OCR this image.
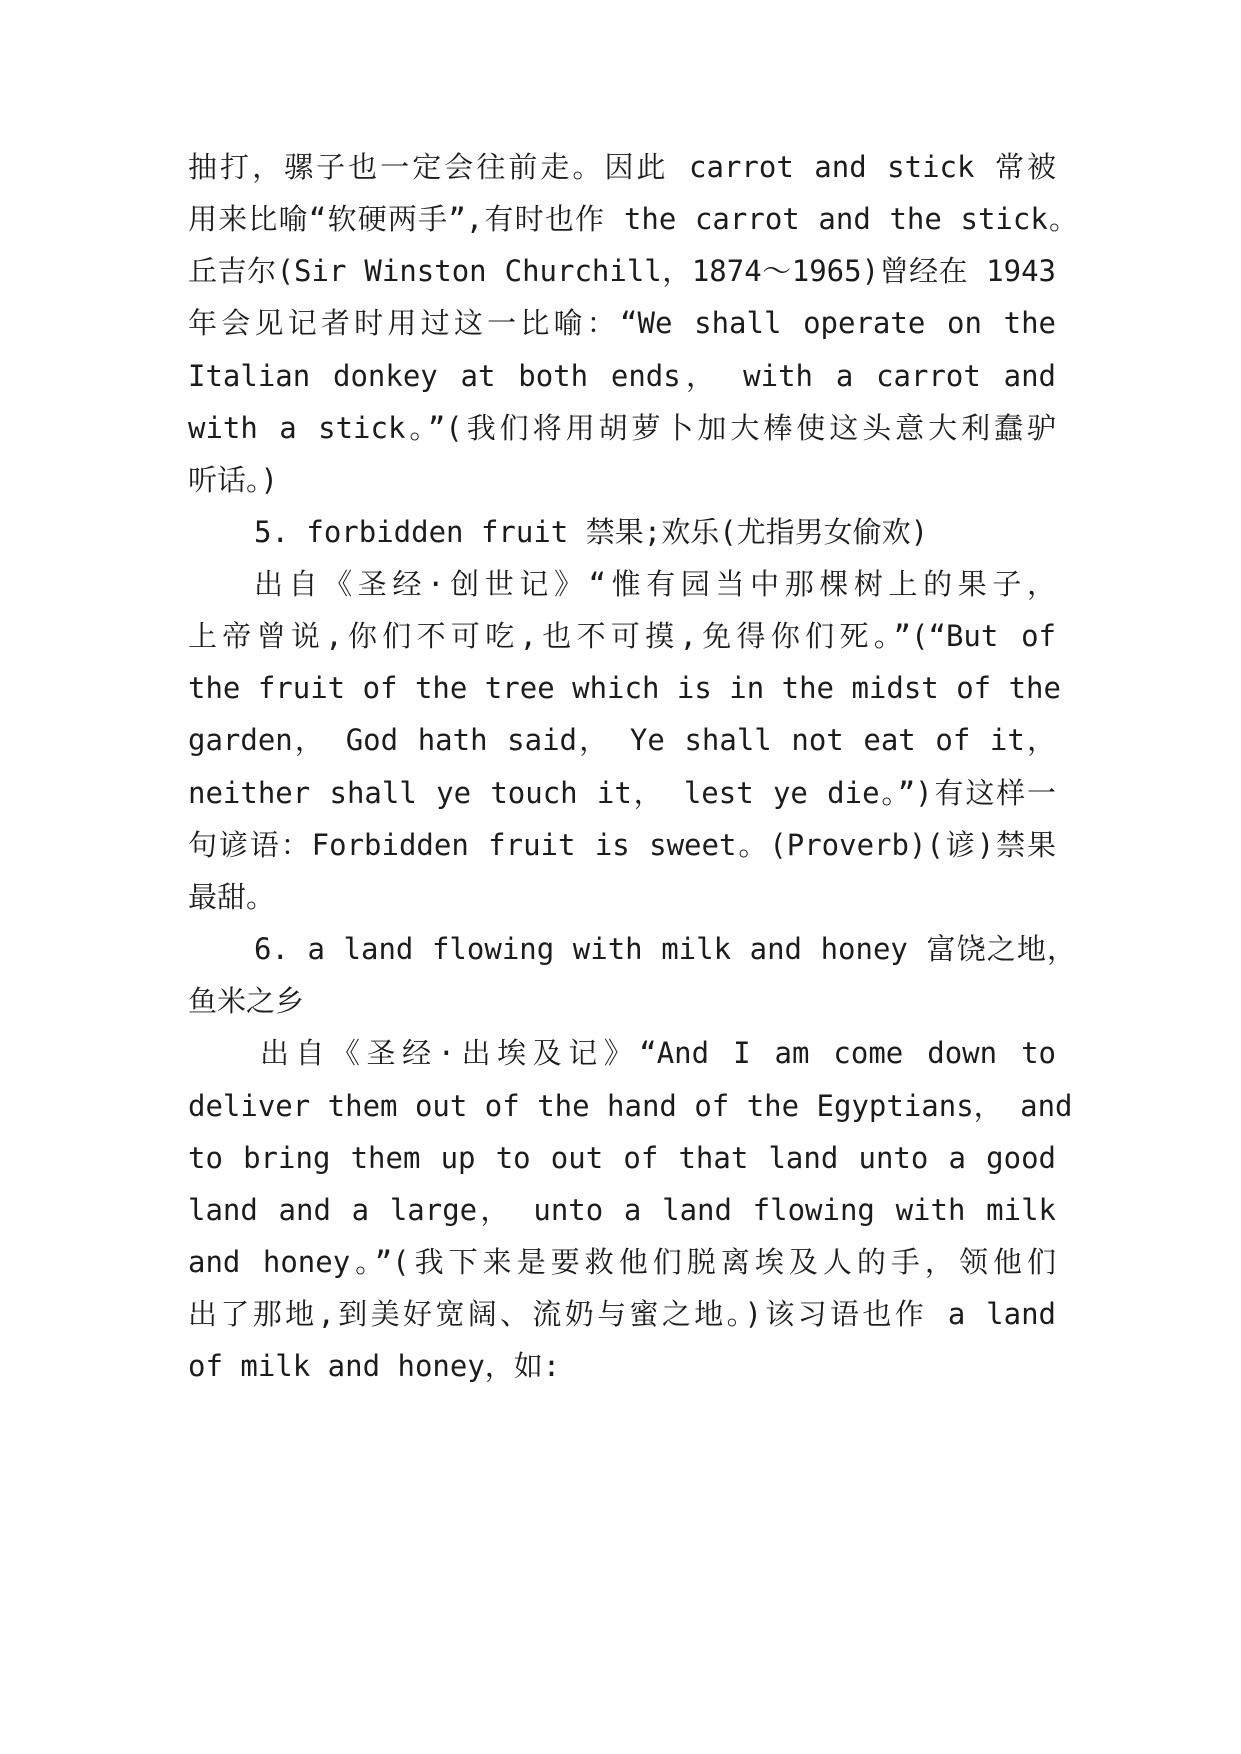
抽打，骡子也一定会往前走。因此 carrot and stick 常被
用来比喻“软硬两手”,有时也作 the carrot and the stick。
丘吉尔(Sir Winston Churchill，1874～1965)曾经在 1943
年会见记者时用过这一比喻：“We shall operate on the
Italian donkey at both ends， with a carrot and
with a stick。”(我们将用胡萝卜加大棒使这头意大利蠢驴
听话。)
5. forbidden fruit 禁果;欢乐(尤指男女偷欢)
出自《圣经·创世记》“惟有园当中那棵树上的果子，
上帝曾说,你们不可吃,也不可摸,免得你们死。”(“But of
the fruit of the tree which is in the midst of the
garden， God hath said， Ye shall not eat of it，
neither shall ye touch it， lest ye die。”)有这样一
句谚语：Forbidden fruit is sweet。(Proverb)(谚)禁果
最甜。
6. a land flowing with milk and honey 富饶之地，
鱼米之乡
出自《圣经·出埃及记》“And I am come down to
deliver them out of the hand of the Egyptians， and
to bring them up to out of that land unto a good
land and a large， unto a land flowing with milk
and honey。”(我下来是要救他们脱离埃及人的手，领他们
出了那地,到美好宽阔、流奶与蜜之地。)该习语也作 a land
of milk and honey，如:
